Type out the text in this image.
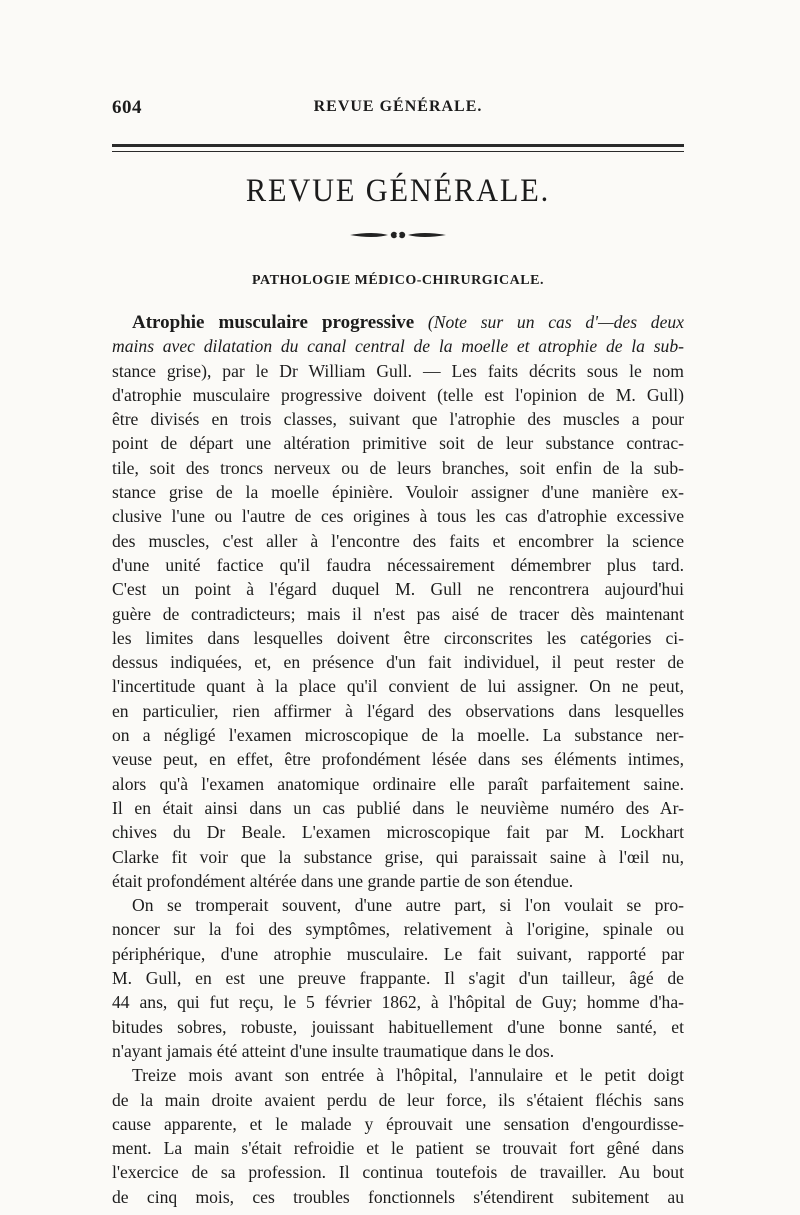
604	REVUE GÉNÉRALE.
REVUE GÉNÉRALE.
PATHOLOGIE MÉDICO-CHIRURGICALE.
Atrophie musculaire progressive (Note sur un cas d'—des deux
mains avec dilatation du canal central de la moelle et atrophie de la sub-
stance grise), par le Dr William Gull. — Les faits décrits sous le nom
d'atrophie musculaire progressive doivent (telle est l'opinion de M. Gull)
être divisés en trois classes, suivant que l'atrophie des muscles a pour
point de départ une altération primitive soit de leur substance contrac-
tile, soit des troncs nerveux ou de leurs branches, soit enfin de la sub-
stance grise de la moelle épinière. Vouloir assigner d'une manière ex-
clusive l'une ou l'autre de ces origines à tous les cas d'atrophie excessive
des muscles, c'est aller à l'encontre des faits et encombrer la science
d'une unité factice qu'il faudra nécessairement démembrer plus tard.
C'est un point à l'égard duquel M. Gull ne rencontrera aujourd'hui
guère de contradicteurs; mais il n'est pas aisé de tracer dès maintenant
les limites dans lesquelles doivent être circonscrites les catégories ci-
dessus indiquées, et, en présence d'un fait individuel, il peut rester de
l'incertitude quant à la place qu'il convient de lui assigner. On ne peut,
en particulier, rien affirmer à l'égard des observations dans lesquelles
on a négligé l'examen microscopique de la moelle. La substance ner-
veuse peut, en effet, être profondément lésée dans ses éléments intimes,
alors qu'à l'examen anatomique ordinaire elle paraît parfaitement saine.
Il en était ainsi dans un cas publié dans le neuvième numéro des Ar-
chives du Dr Beale. L'examen microscopique fait par M. Lockhart
Clarke fit voir que la substance grise, qui paraissait saine à l'œil nu,
était profondément altérée dans une grande partie de son étendue.
On se tromperait souvent, d'une autre part, si l'on voulait se pro-
noncer sur la foi des symptômes, relativement à l'origine, spinale ou
périphérique, d'une atrophie musculaire. Le fait suivant, rapporté par
M. Gull, en est une preuve frappante. Il s'agit d'un tailleur, âgé de
44 ans, qui fut reçu, le 5 février 1862, à l'hôpital de Guy; homme d'ha-
bitudes sobres, robuste, jouissant habituellement d'une bonne santé, et
n'ayant jamais été atteint d'une insulte traumatique dans le dos.
Treize mois avant son entrée à l'hôpital, l'annulaire et le petit doigt
de la main droite avaient perdu de leur force, ils s'étaient fléchis sans
cause apparente, et le malade y éprouvait une sensation d'engourdisse-
ment. La main s'était refroidie et le patient se trouvait fort gêné dans
l'exercice de sa profession. Il continua toutefois de travailler. Au bout
de cinq mois, ces troubles fonctionnels s'étendirent subitement au
